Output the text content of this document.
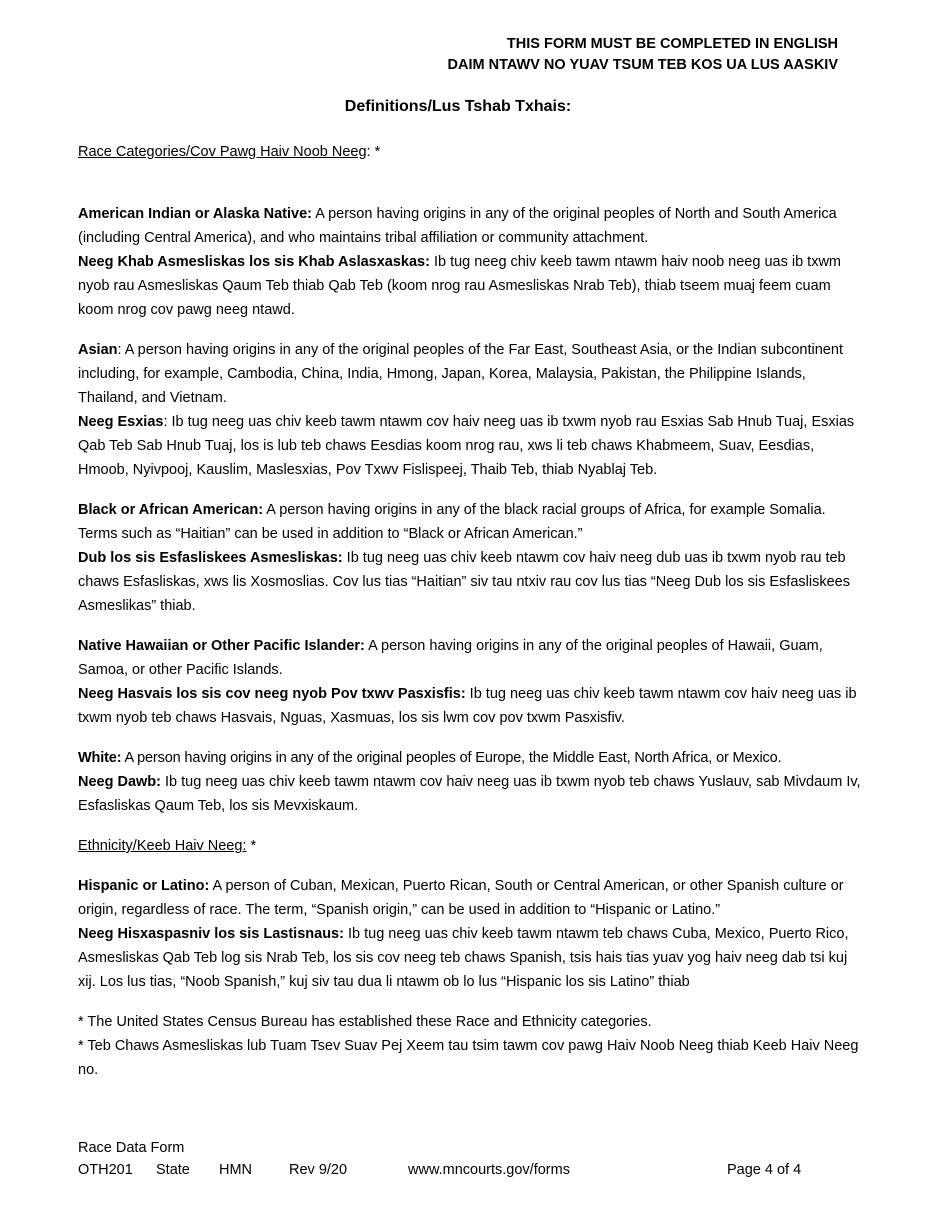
THIS FORM MUST BE COMPLETED IN ENGLISH
DAIM NTAWV NO YUAV TSUM TEB KOS UA LUS AASKIV
Definitions/Lus Tshab Txhais:

Race Categories/Cov Pawg Haiv Noob Neeg: *

American Indian or Alaska Native: A person having origins in any of the original peoples of North and South America (including Central America), and who maintains tribal affiliation or community attachment.

Neeg Khab Asmesliskas los sis Khab Aslasxaskas: Ib tug neeg chiv keeb tawm ntawm haiv noob neeg uas ib txwm nyob rau Asmesliskas Qaum Teb thiab Qab Teb (koom nrog rau Asmesliskas Nrab Teb), thiab tseem muaj feem cuam koom nrog cov pawg neeg ntawd.

Asian: A person having origins in any of the original peoples of the Far East, Southeast Asia, or the Indian subcontinent including, for example, Cambodia, China, India, Hmong, Japan, Korea, Malaysia, Pakistan, the Philippine Islands, Thailand, and Vietnam.

Neeg Esxias: Ib tug neeg uas chiv keeb tawm ntawm cov haiv neeg uas ib txwm nyob rau Esxias Sab Hnub Tuaj, Esxias Qab Teb Sab Hnub Tuaj, los is lub teb chaws Eesdias koom nrog rau, xws li teb chaws Khabmeem, Suav, Eesdias, Hmoob, Nyivpooj, Kauslim, Maslesxias, Pov Txwv Fislispeej, Thaib Teb, thiab Nyablaj Teb.

Black or African American: A person having origins in any of the black racial groups of Africa, for example Somalia. Terms such as “Haitian” can be used in addition to “Black or African American.”

Dub los sis Esfasliskees Asmesliskas: Ib tug neeg uas chiv keeb ntawm cov haiv neeg dub uas ib txwm nyob rau teb chaws Esfasliskas, xws lis Xosmoslias. Cov lus tias “Haitian” siv tau ntxiv rau cov lus tias “Neeg Dub los sis Esfasliskees Asmeslikas” thiab.

Native Hawaiian or Other Pacific Islander: A person having origins in any of the original peoples of Hawaii, Guam, Samoa, or other Pacific Islands.

Neeg Hasvais los sis cov neeg nyob Pov txwv Pasxisfis: Ib tug neeg uas chiv keeb tawm ntawm cov haiv neeg uas ib txwm nyob teb chaws Hasvais, Nguas, Xasmuas, los sis lwm cov pov txwm Pasxisfiv.

White: A person having origins in any of the original peoples of Europe, the Middle East, North Africa, or Mexico.

Neeg Dawb: Ib tug neeg uas chiv keeb tawm ntawm cov haiv neeg uas ib txwm nyob teb chaws Yuslauv, sab Mivdaum Iv, Esfasliskas Qaum Teb, los sis Mevxiskaum.

Ethnicity/Keeb Haiv Neeg: *

Hispanic or Latino: A person of Cuban, Mexican, Puerto Rican, South or Central American, or other Spanish culture or origin, regardless of race. The term, “Spanish origin,” can be used in addition to “Hispanic or Latino.”

Neeg Hisxaspasniv los sis Lastisnaus: Ib tug neeg uas chiv keeb tawm ntawm teb chaws Cuba, Mexico, Puerto Rico, Asmesliskas Qab Teb log sis Nrab Teb, los sis cov neeg teb chaws Spanish, tsis hais tias yuav yog haiv neeg dab tsi kuj xij. Los lus tias, “Noob Spanish,” kuj siv tau dua li ntawm ob lo lus “Hispanic los sis Latino” thiab

* The United States Census Bureau has established these Race and Ethnicity categories.

* Teb Chaws Asmesliskas lub Tuam Tsev Suav Pej Xeem tau tsim tawm cov pawg Haiv Noob Neeg thiab Keeb Haiv Neeg no.

Race Data Form
OTH201 State HMN	Rev 9/20	www.mncourts.gov/forms	Page 4 of 4
